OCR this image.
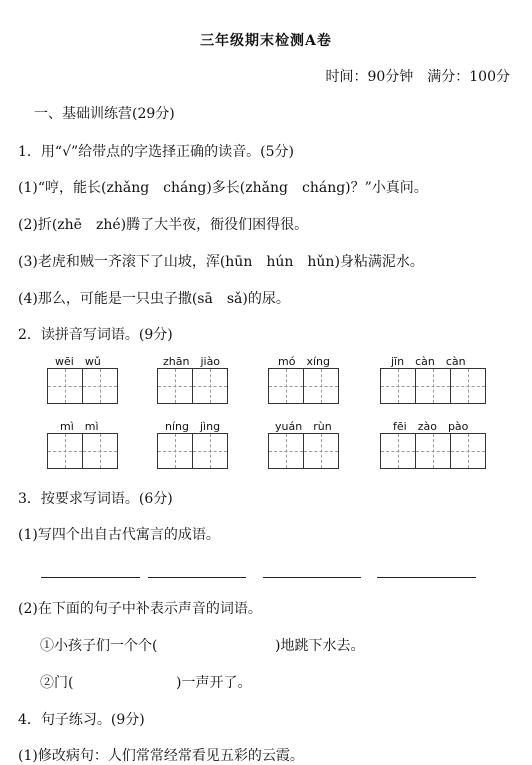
三年级期末检测A卷
时间：90分钟　满分：100分
一、基础训练营(29分)
1．用“√”给带点的字选择正确的读音。(5分)
(1)“哼，能长(zhǎng　cháng)多长(zhǎng　cháng)？”小真问。
(2)折(zhē　zhé)腾了大半夜，衙役们困得很。
(3)老虎和贼一齐滚下了山坡，浑(hūn　hún　hǔn)身粘满泥水。
(4)那么，可能是一只虫子撒(sā　sǎ)的尿。
2．读拼音写词语。(9分)
wēi　wǔ	zhān　jiào	mó　xíng	jīn　càn　càn
mì　mì	níng　jìng	yuán　rùn	fēi　zào　pào
3．按要求写词语。(6分)
(1)写四个出自古代寓言的成语。
(2)在下面的句子中补表示声音的词语。
①小孩子们一个个(	)地跳下水去。
②门(	)一声开了。
4．句子练习。(9分)
(1)修改病句：人们常常经常看见五彩的云霞。
